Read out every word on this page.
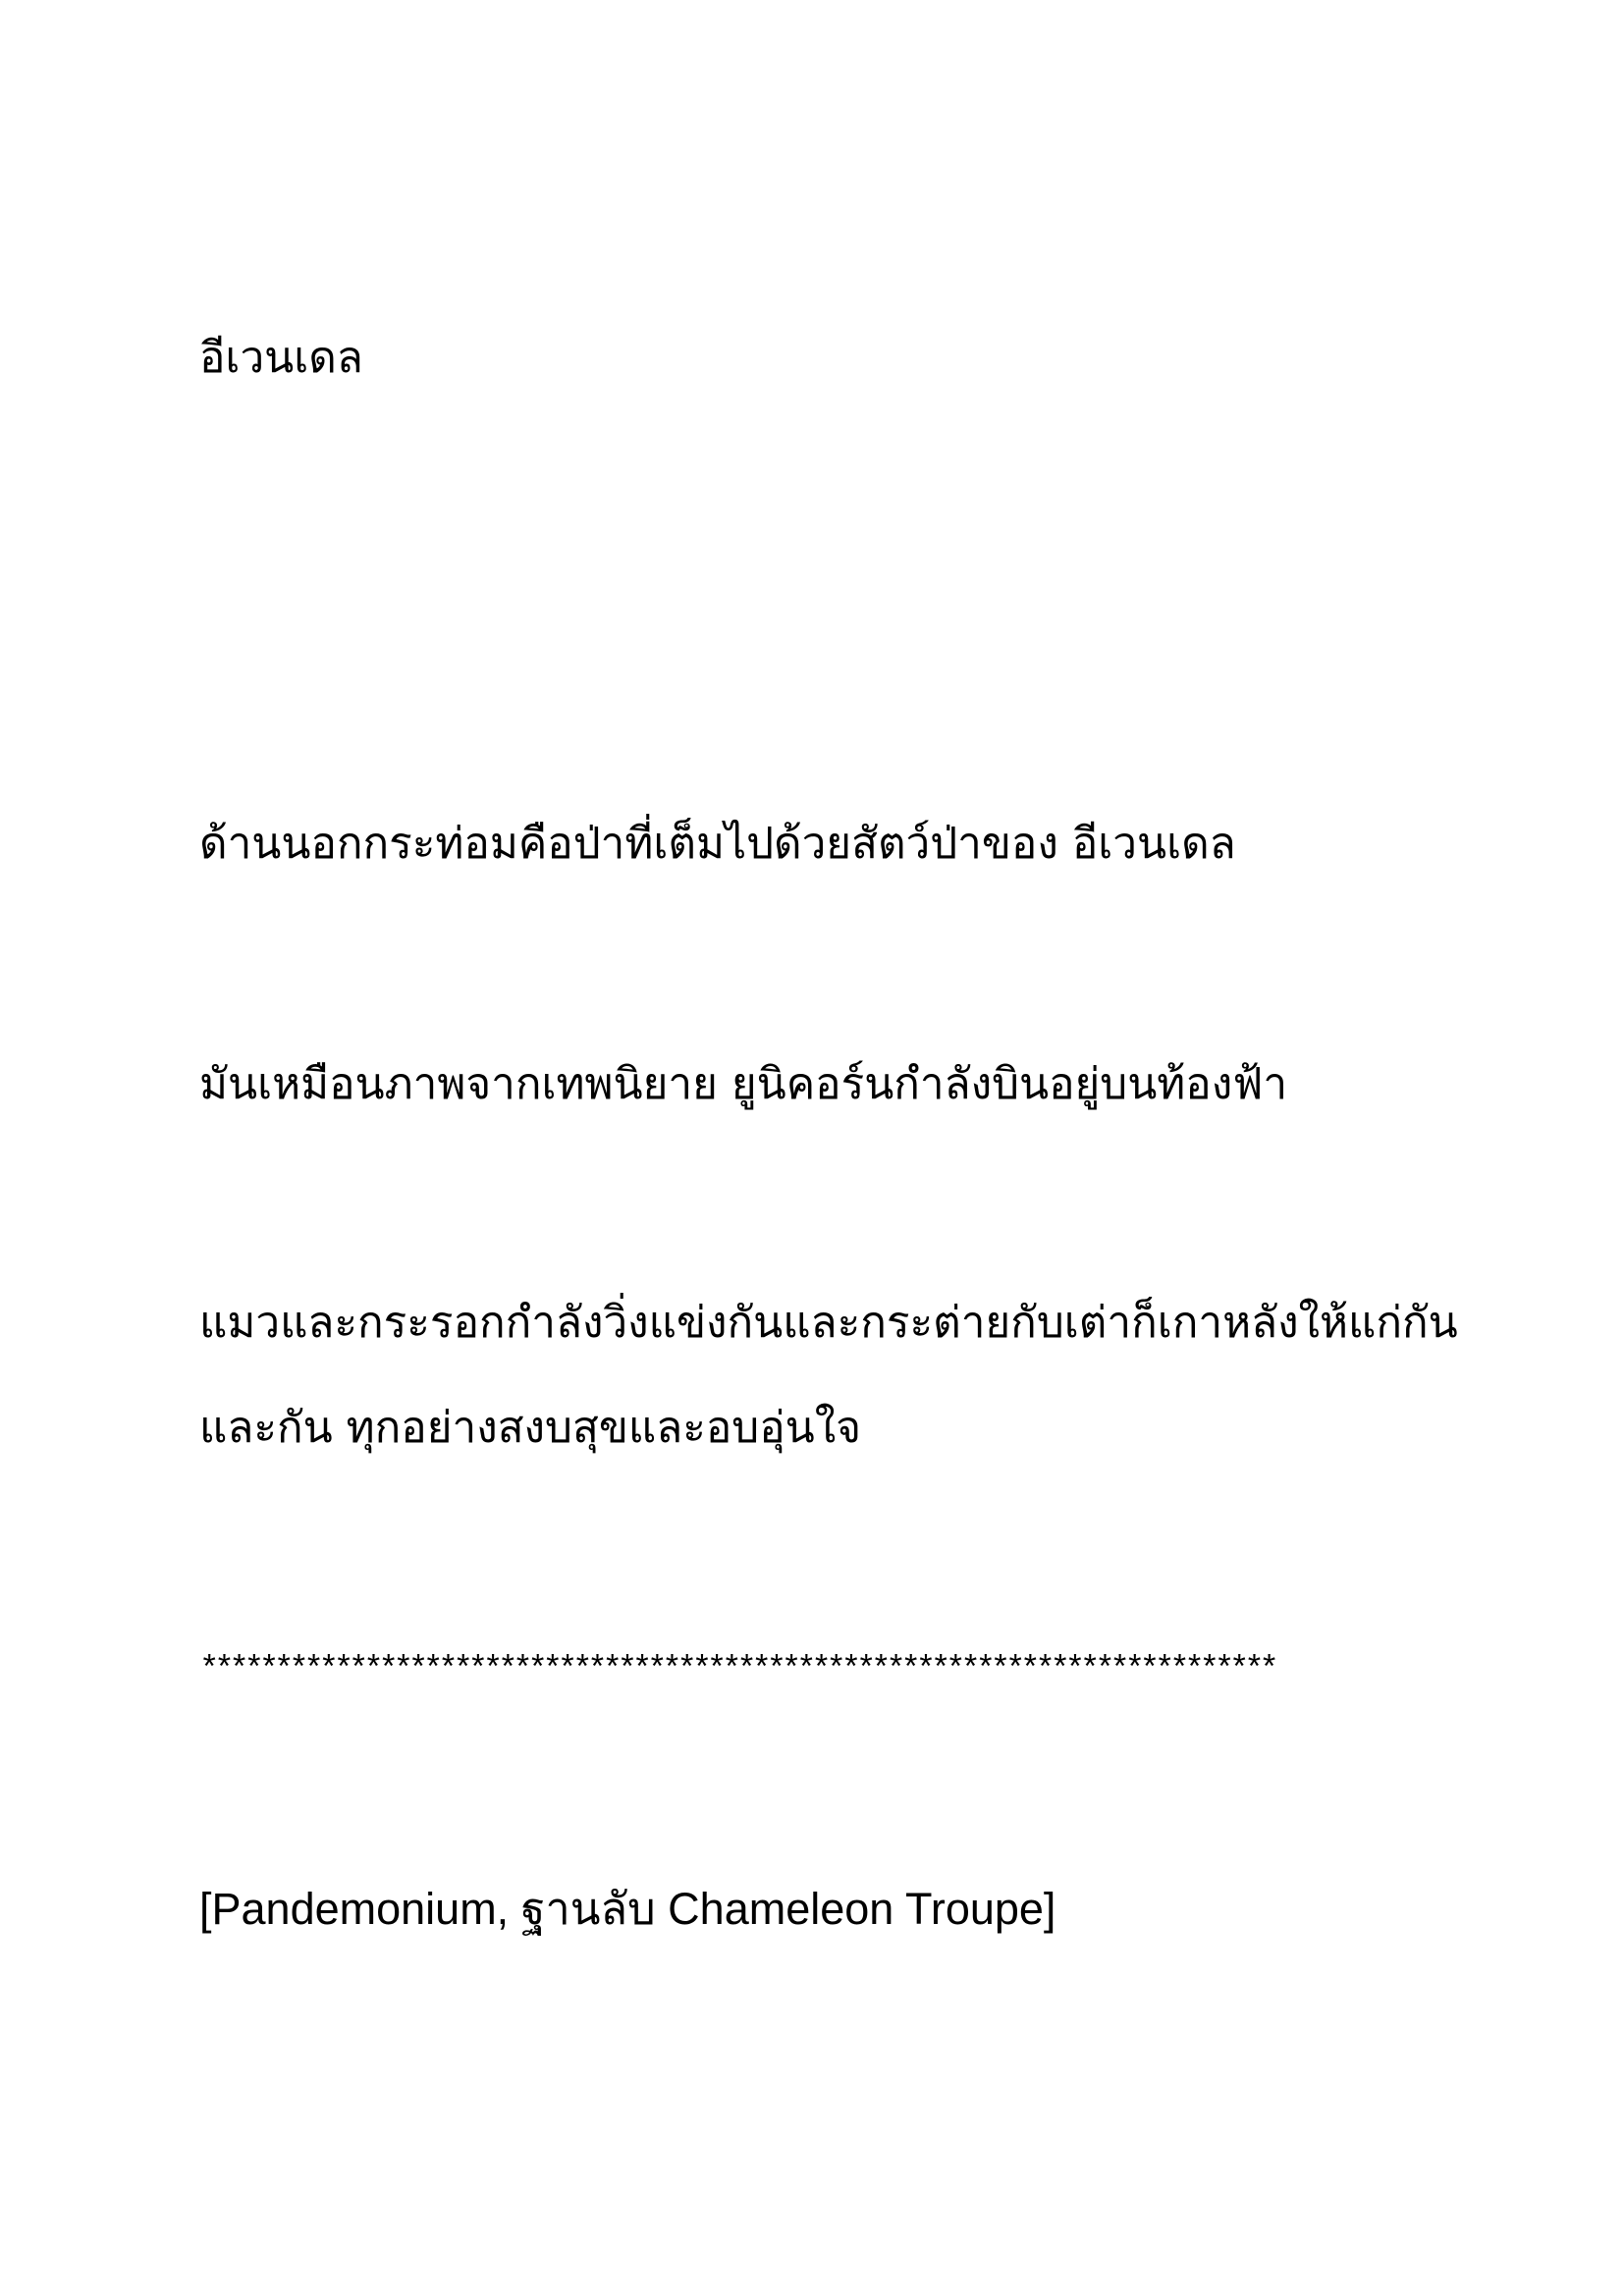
อีเวนเดล
ด้านนอกกระท่อมคือป่าที่เต็มไปด้วยสัตว์ป่าของ อีเวนเดล
มันเหมือนภาพจากเทพนิยาย ยูนิคอร์นกำลังบินอยู่บนท้องฟ้า
แมวและกระรอกกำลังวิ่งแข่งกันและกระต่ายกับเต่าก็เกาหลังให้แก่กัน
และกัน ทุกอย่างสงบสุขและอบอุ่นใจ
************************************************************************
[Pandemonium, ฐานลับ Chameleon Troupe]
